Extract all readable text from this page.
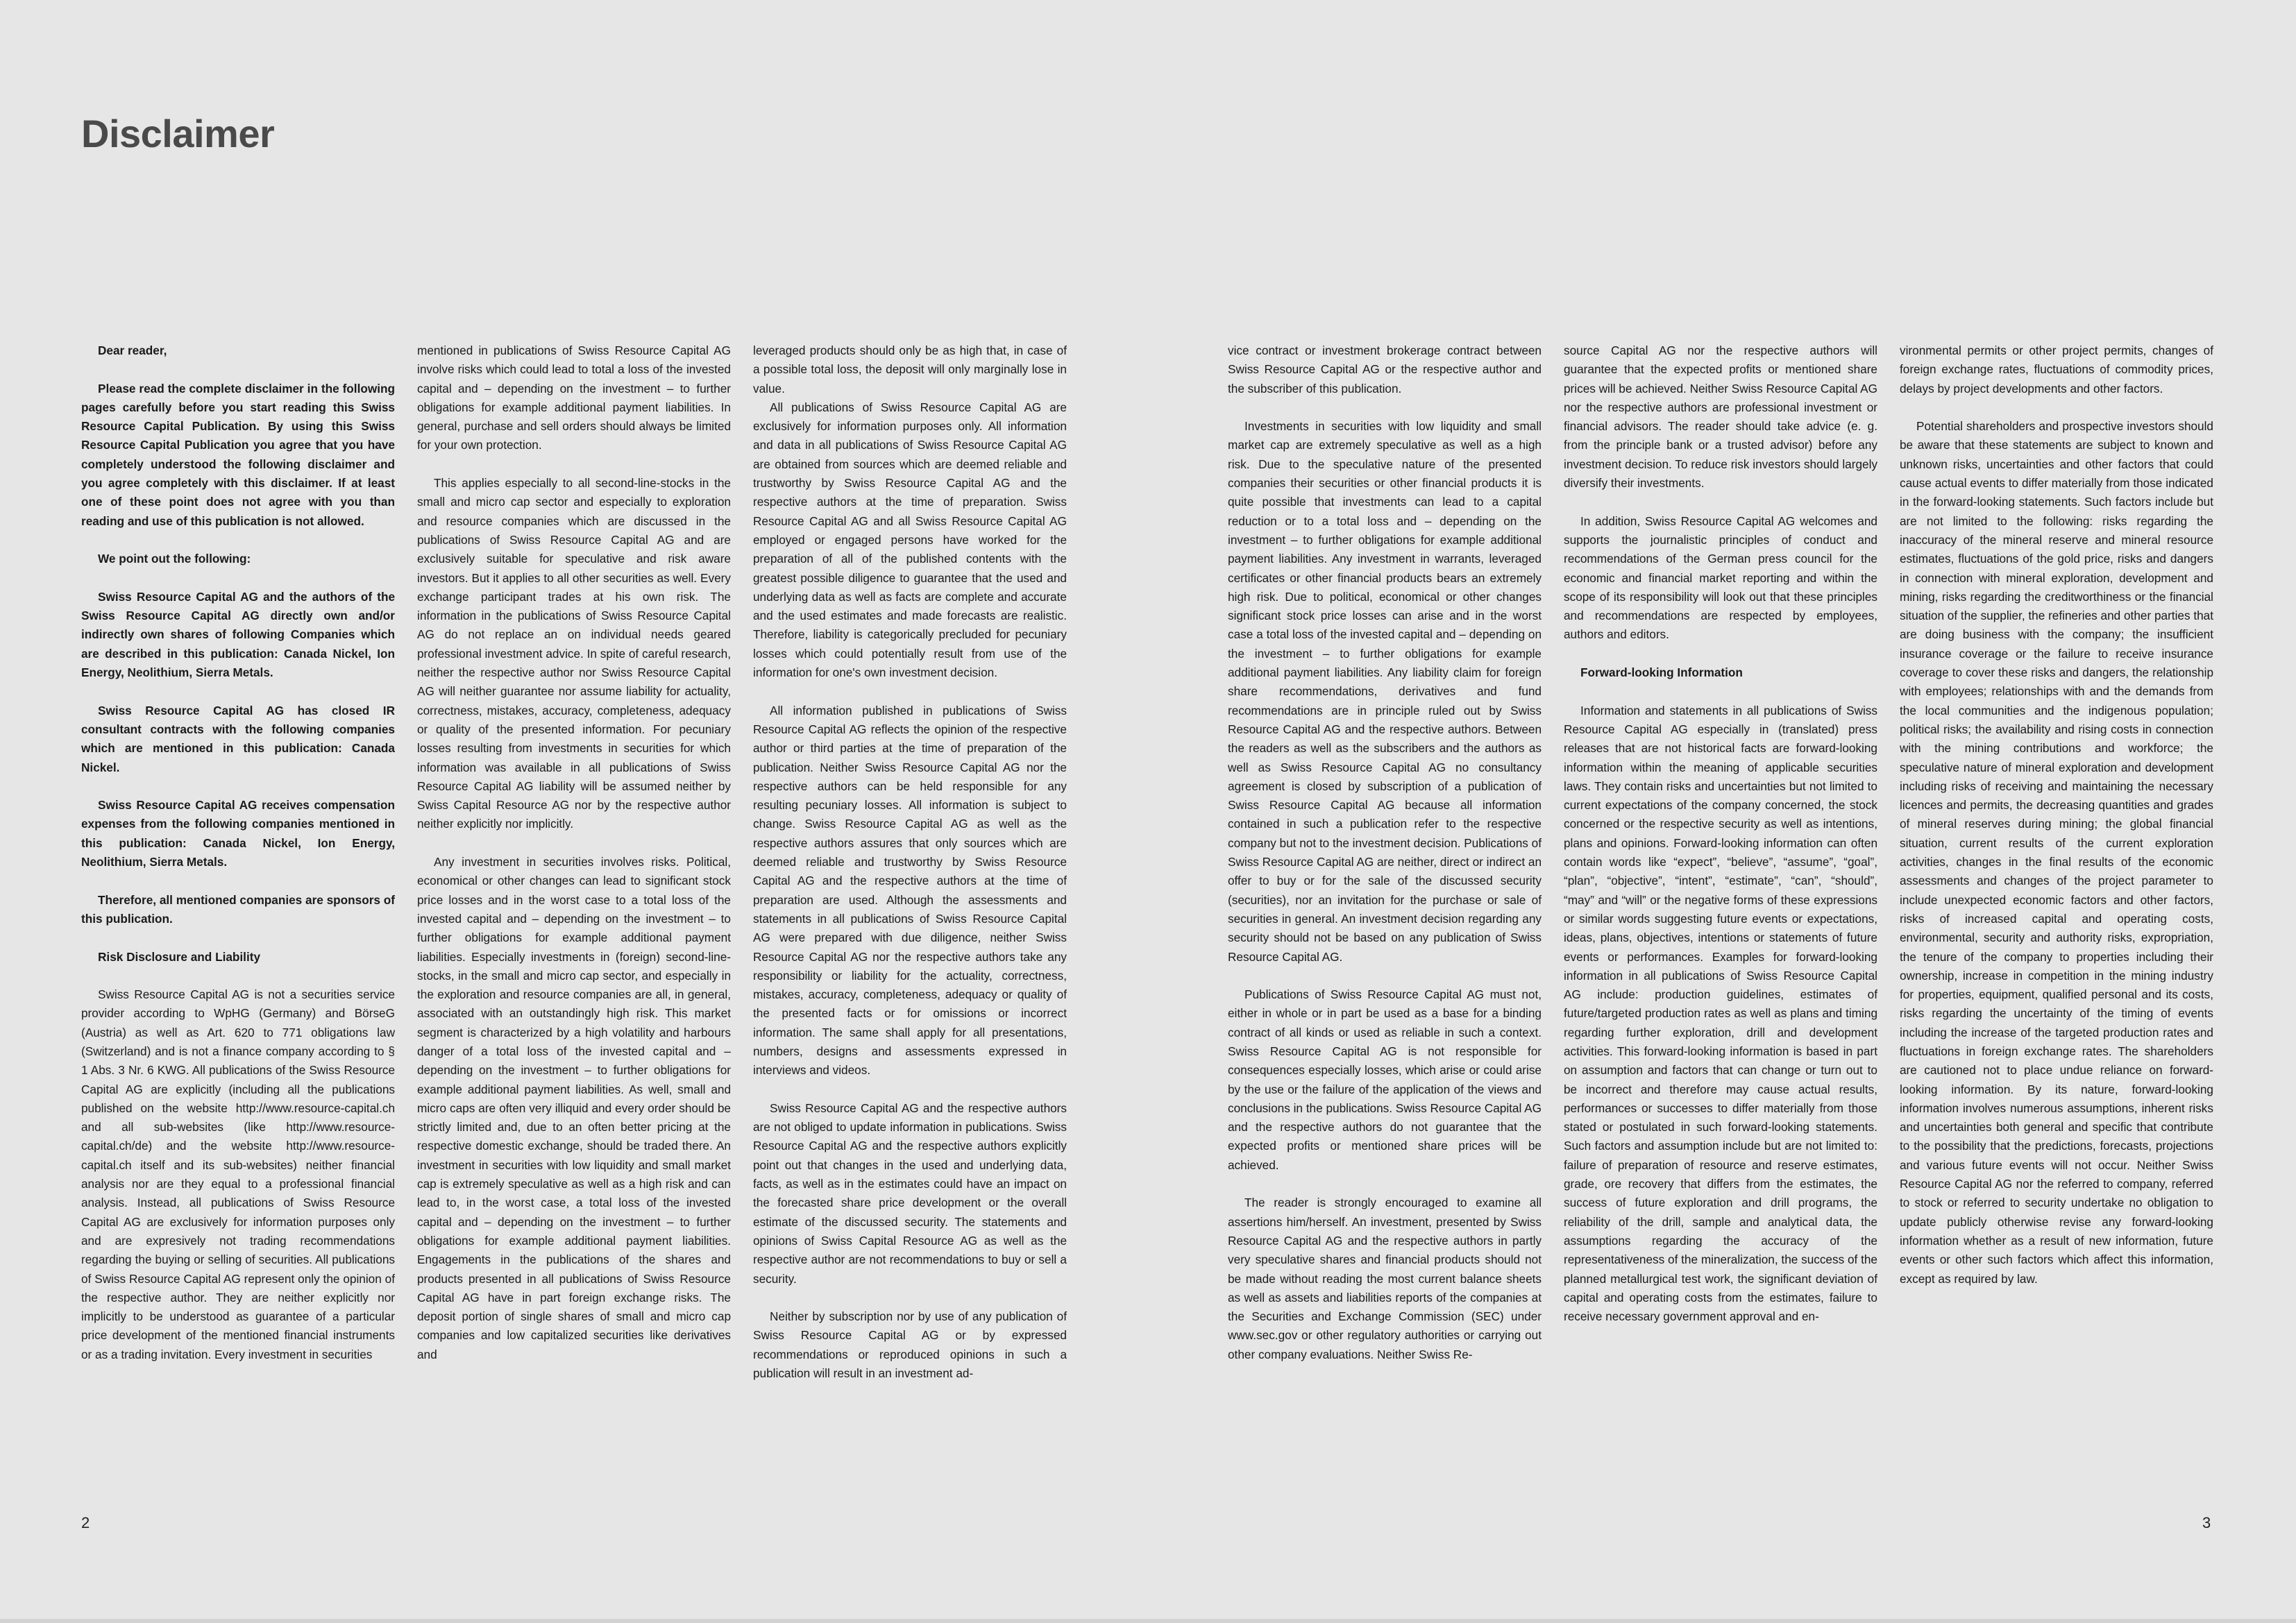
Disclaimer

Dear reader,

Please read the complete disclaimer in the following pages carefully before you start reading this Swiss Resource Capital Publication. By using this Swiss Resource Capital Publication you agree that you have completely understood the following disclaimer and you agree completely with this disclaimer. If at least one of these point does not agree with you than reading and use of this publication is not allowed.

We point out the following:

Swiss Resource Capital AG and the authors of the Swiss Resource Capital AG directly own and/or indirectly own shares of following Companies which are described in this publication: Canada Nickel, Ion Energy, Neolithium, Sierra Metals.

Swiss Resource Capital AG has closed IR consultant contracts with the following companies which are mentioned in this publication: Canada Nickel.

Swiss Resource Capital AG receives compensation expenses from the following companies mentioned in this publication: Canada Nickel, Ion Energy, Neolithium, Sierra Metals.

Therefore, all mentioned companies are sponsors of this publication.

Risk Disclosure and Liability

Swiss Resource Capital AG is not a securities service provider according to WpHG (Germany) and BörseG (Austria) as well as Art. 620 to 771 obligations law (Switzerland) and is not a finance company according to § 1 Abs. 3 Nr. 6 KWG. All publications of the Swiss Resource Capital AG are explicitly (including all the publications published on the website http://www.resource-capital.ch and all sub-websites (like http://www.resource-capital.ch/de) and the website http://www.resource-capital.ch itself and its sub-websites) neither financial analysis nor are they equal to a professional financial analysis. Instead, all publications of Swiss Resource Capital AG are exclusively for information purposes only and are expresively not trading recommendations regarding the buying or selling of securities. All publications of Swiss Resource Capital AG represent only the opinion of the respective author. They are neither explicitly nor implicitly to be understood as guarantee of a particular price development of the mentioned financial instruments or as a trading invitation. Every investment in securities

mentioned in publications of Swiss Resource Capital AG involve risks which could lead to total a loss of the invested capital and – depending on the investment – to further obligations for example additional payment liabilities. In general, purchase and sell orders should always be limited for your own protection.

This applies especially to all second-line-stocks in the small and micro cap sector and especially to exploration and resource companies which are discussed in the publications of Swiss Resource Capital AG and are exclusively suitable for speculative and risk aware investors. But it applies to all other securities as well. Every exchange participant trades at his own risk. The information in the publications of Swiss Resource Capital AG do not replace an on individual needs geared professional investment advice. In spite of careful research, neither the respective author nor Swiss Resource Capital AG will neither guarantee nor assume liability for actuality, correctness, mistakes, accuracy, completeness, adequacy or quality of the presented information. For pecuniary losses resulting from investments in securities for which information was available in all publications of Swiss Resource Capital AG liability will be assumed neither by Swiss Capital Resource AG nor by the respective author neither explicitly nor implicitly.

Any investment in securities involves risks. Political, economical or other changes can lead to significant stock price losses and in the worst case to a total loss of the invested capital and – depending on the investment – to further obligations for example additional payment liabilities. Especially investments in (foreign) second-line-stocks, in the small and micro cap sector, and especially in the exploration and resource companies are all, in general, associated with an outstandingly high risk. This market segment is characterized by a high volatility and harbours danger of a total loss of the invested capital and – depending on the investment – to further obligations for example additional payment liabilities. As well, small and micro caps are often very illiquid and every order should be strictly limited and, due to an often better pricing at the respective domestic exchange, should be traded there. An investment in securities with low liquidity and small market cap is extremely speculative as well as a high risk and can lead to, in the worst case, a total loss of the invested capital and – depending on the investment – to further obligations for example additional payment liabilities. Engagements in the publications of the shares and products presented in all publications of Swiss Resource Capital AG have in part foreign exchange risks. The deposit portion of single shares of small and micro cap companies and low capitalized securities like derivatives and

leveraged products should only be as high that, in case of a possible total loss, the deposit will only marginally lose in value.

All publications of Swiss Resource Capital AG are exclusively for information purposes only. All information and data in all publications of Swiss Resource Capital AG are obtained from sources which are deemed reliable and trustworthy by Swiss Resource Capital AG and the respective authors at the time of preparation. Swiss Resource Capital AG and all Swiss Resource Capital AG employed or engaged persons have worked for the preparation of all of the published contents with the greatest possible diligence to guarantee that the used and underlying data as well as facts are complete and accurate and the used estimates and made forecasts are realistic. Therefore, liability is categorically precluded for pecuniary losses which could potentially result from use of the information for one's own investment decision.

All information published in publications of Swiss Resource Capital AG reflects the opinion of the respective author or third parties at the time of preparation of the publication. Neither Swiss Resource Capital AG nor the respective authors can be held responsible for any resulting pecuniary losses. All information is subject to change. Swiss Resource Capital AG as well as the respective authors assures that only sources which are deemed reliable and trustworthy by Swiss Resource Capital AG and the respective authors at the time of preparation are used. Although the assessments and statements in all publications of Swiss Resource Capital AG were prepared with due diligence, neither Swiss Resource Capital AG nor the respective authors take any responsibility or liability for the actuality, correctness, mistakes, accuracy, completeness, adequacy or quality of the presented facts or for omissions or incorrect information. The same shall apply for all presentations, numbers, designs and assessments expressed in interviews and videos.

Swiss Resource Capital AG and the respective authors are not obliged to update information in publications. Swiss Resource Capital AG and the respective authors explicitly point out that changes in the used and underlying data, facts, as well as in the estimates could have an impact on the forecasted share price development or the overall estimate of the discussed security. The statements and opinions of Swiss Capital Resource AG as well as the respective author are not recommendations to buy or sell a security.

Neither by subscription nor by use of any publication of Swiss Resource Capital AG or by expressed recommendations or reproduced opinions in such a publication will result in an investment ad-

vice contract or investment brokerage contract between Swiss Resource Capital AG or the respective author and the subscriber of this publication.

Investments in securities with low liquidity and small market cap are extremely speculative as well as a high risk. Due to the speculative nature of the presented companies their securities or other financial products it is quite possible that investments can lead to a capital reduction or to a total loss and – depending on the investment – to further obligations for example additional payment liabilities. Any investment in warrants, leveraged certificates or other financial products bears an extremely high risk. Due to political, economical or other changes significant stock price losses can arise and in the worst case a total loss of the invested capital and – depending on the investment – to further obligations for example additional payment liabilities. Any liability claim for foreign share recommendations, derivatives and fund recommendations are in principle ruled out by Swiss Resource Capital AG and the respective authors. Between the readers as well as the subscribers and the authors as well as Swiss Resource Capital AG no consultancy agreement is closed by subscription of a publication of Swiss Resource Capital AG because all information contained in such a publication refer to the respective company but not to the investment decision. Publications of Swiss Resource Capital AG are neither, direct or indirect an offer to buy or for the sale of the discussed security (securities), nor an invitation for the purchase or sale of securities in general. An investment decision regarding any security should not be based on any publication of Swiss Resource Capital AG.

Publications of Swiss Resource Capital AG must not, either in whole or in part be used as a base for a binding contract of all kinds or used as reliable in such a context. Swiss Resource Capital AG is not responsible for consequences especially losses, which arise or could arise by the use or the failure of the application of the views and conclusions in the publications. Swiss Resource Capital AG and the respective authors do not guarantee that the expected profits or mentioned share prices will be achieved.

The reader is strongly encouraged to examine all assertions him/herself. An investment, presented by Swiss Resource Capital AG and the respective authors in partly very speculative shares and financial products should not be made without reading the most current balance sheets as well as assets and liabilities reports of the companies at the Securities and Exchange Commission (SEC) under www.sec.gov or other regulatory authorities or carrying out other company evaluations. Neither Swiss Re-

source Capital AG nor the respective authors will guarantee that the expected profits or mentioned share prices will be achieved. Neither Swiss Resource Capital AG nor the respective authors are professional investment or financial advisors. The reader should take advice (e. g. from the principle bank or a trusted advisor) before any investment decision. To reduce risk investors should largely diversify their investments.

In addition, Swiss Resource Capital AG welcomes and supports the journalistic principles of conduct and recommendations of the German press council for the economic and financial market reporting and within the scope of its responsibility will look out that these principles and recommendations are respected by employees, authors and editors.

Forward-looking Information

Information and statements in all publications of Swiss Resource Capital AG especially in (translated) press releases that are not historical facts are forward-looking information within the meaning of applicable securities laws. They contain risks and uncertainties but not limited to current expectations of the company concerned, the stock concerned or the respective security as well as intentions, plans and opinions. Forward-looking information can often contain words like “expect”, “believe”, “assume”, “goal”, “plan”, “objective”, “intent”, “estimate”, “can”, “should”, “may” and “will” or the negative forms of these expressions or similar words suggesting future events or expectations, ideas, plans, objectives, intentions or statements of future events or performances. Examples for forward-looking information in all publications of Swiss Resource Capital AG include: production guidelines, estimates of future/targeted production rates as well as plans and timing regarding further exploration, drill and development activities. This forward-looking information is based in part on assumption and factors that can change or turn out to be incorrect and therefore may cause actual results, performances or successes to differ materially from those stated or postulated in such forward-looking statements. Such factors and assumption include but are not limited to: failure of preparation of resource and reserve estimates, grade, ore recovery that differs from the estimates, the success of future exploration and drill programs, the reliability of the drill, sample and analytical data, the assumptions regarding the accuracy of the representativeness of the mineralization, the success of the planned metallurgical test work, the significant deviation of capital and operating costs from the estimates, failure to receive necessary government approval and en-

vironmental permits or other project permits, changes of foreign exchange rates, fluctuations of commodity prices, delays by project developments and other factors.

Potential shareholders and prospective investors should be aware that these statements are subject to known and unknown risks, uncertainties and other factors that could cause actual events to differ materially from those indicated in the forward-looking statements. Such factors include but are not limited to the following: risks regarding the inaccuracy of the mineral reserve and mineral resource estimates, fluctuations of the gold price, risks and dangers in connection with mineral exploration, development and mining, risks regarding the creditworthiness or the financial situation of the supplier, the refineries and other parties that are doing business with the company; the insufficient insurance coverage or the failure to receive insurance coverage to cover these risks and dangers, the relationship with employees; relationships with and the demands from the local communities and the indigenous population; political risks; the availability and rising costs in connection with the mining contributions and workforce; the speculative nature of mineral exploration and development including risks of receiving and maintaining the necessary licences and permits, the decreasing quantities and grades of mineral reserves during mining; the global financial situation, current results of the current exploration activities, changes in the final results of the economic assessments and changes of the project parameter to include unexpected economic factors and other factors, risks of increased capital and operating costs, environmental, security and authority risks, expropriation, the tenure of the company to properties including their ownership, increase in competition in the mining industry for properties, equipment, qualified personal and its costs, risks regarding the uncertainty of the timing of events including the increase of the targeted production rates and fluctuations in foreign exchange rates. The shareholders are cautioned not to place undue reliance on forward-looking information. By its nature, forward-looking information involves numerous assumptions, inherent risks and uncertainties both general and specific that contribute to the possibility that the predictions, forecasts, projections and various future events will not occur. Neither Swiss Resource Capital AG nor the referred to company, referred to stock or referred to security undertake no obligation to update publicly otherwise revise any forward-looking information whether as a result of new information, future events or other such factors which affect this information, except as required by law.

2	3
